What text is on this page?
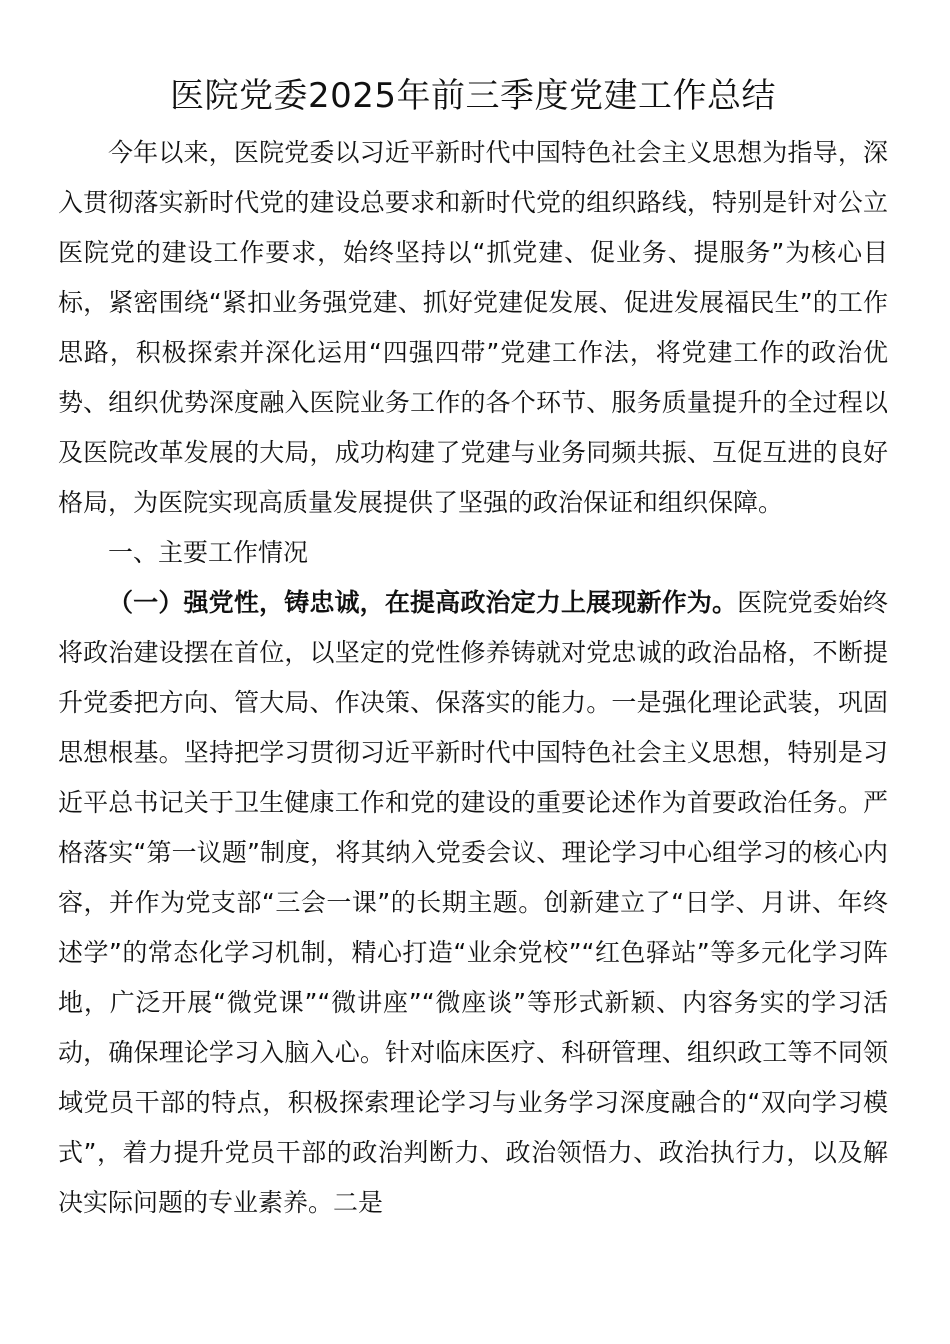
医院党委2025年前三季度党建工作总结

今年以来，医院党委以习近平新时代中国特色社会主义思想为指导，深入贯彻落实新时代党的建设总要求和新时代党的组织路线，特别是针对公立医院党的建设工作要求，始终坚持以“抓党建、促业务、提服务”为核心目标，紧密围绕“紧扣业务强党建、抓好党建促发展、促进发展福民生”的工作思路，积极探索并深化运用“四强四带”党建工作法，将党建工作的政治优势、组织优势深度融入医院业务工作的各个环节、服务质量提升的全过程以及医院改革发展的大局，成功构建了党建与业务同频共振、互促互进的良好格局，为医院实现高质量发展提供了坚强的政治保证和组织保障。

一、主要工作情况

（一）强党性，铸忠诚，在提高政治定力上展现新作为。医院党委始终将政治建设摆在首位，以坚定的党性修养铸就对党忠诚的政治品格，不断提升党委把方向、管大局、作决策、保落实的能力。一是强化理论武装，巩固思想根基。坚持把学习贯彻习近平新时代中国特色社会主义思想，特别是习近平总书记关于卫生健康工作和党的建设的重要论述作为首要政治任务。严格落实“第一议题”制度，将其纳入党委会议、理论学习中心组学习的核心内容，并作为党支部“三会一课”的长期主题。创新建立了“日学、月讲、年终述学”的常态化学习机制，精心打造“业余党校”“红色驿站”等多元化学习阵地，广泛开展“微党课”“微讲座”“微座谈”等形式新颖、内容务实的学习活动，确保理论学习入脑入心。针对临床医疗、科研管理、组织政工等不同领域党员干部的特点，积极探索理论学习与业务学习深度融合的“双向学习模式”，着力提升党员干部的政治判断力、政治领悟力、政治执行力，以及解决实际问题的专业素养。二是
